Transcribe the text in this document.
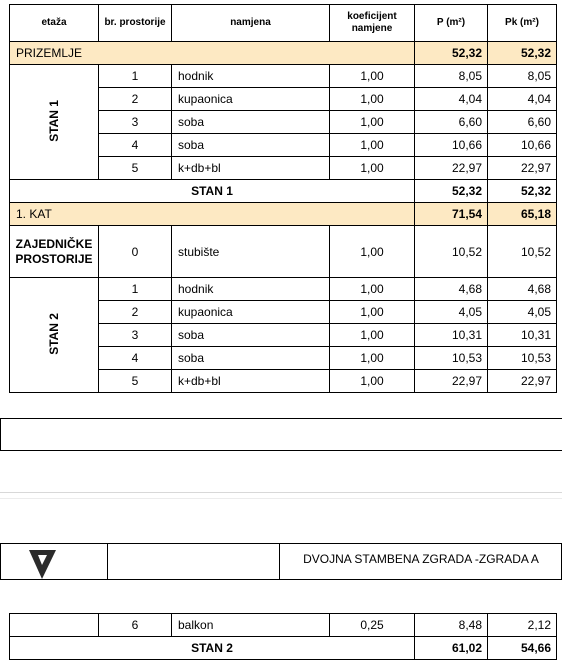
etaža	br. prostorije	namjena	koeficijent namjene	P (m²)	Pk (m²)
PRIZEMLJE				52,32	52,32
STAN 1	1	hodnik	1,00	8,05	8,05
	2	kupaonica	1,00	4,04	4,04
	3	soba	1,00	6,60	6,60
	4	soba	1,00	10,66	10,66
	5	k+db+bl	1,00	22,97	22,97
STAN 1				52,32	52,32
1. KAT				71,54	65,18
ZAJEDNIČKE PROSTORIJE	0	stubište	1,00	10,52	10,52
STAN 2	1	hodnik	1,00	4,68	4,68
	2	kupaonica	1,00	4,05	4,05
	3	soba	1,00	10,31	10,31
	4	soba	1,00	10,53	10,53
	5	k+db+bl	1,00	22,97	22,97
DVOJNA STAMBENA ZGRADA -ZGRADA A
	6	balkon	0,25	8,48	2,12
STAN 2				61,02	54,66
